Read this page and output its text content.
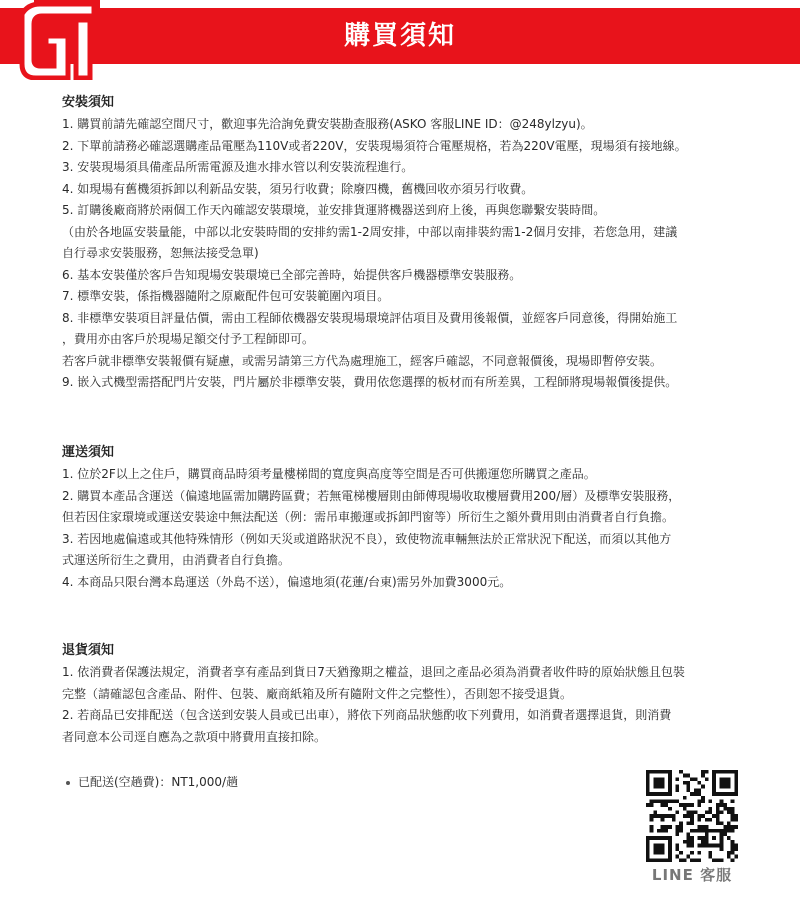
購買須知
安裝須知
1. 購買前請先確認空間尺寸，歡迎事先洽詢免費安裝勘查服務(ASKO 客服LINE ID：@248ylzyu)。
2. 下單前請務必確認選購產品電壓為110V或者220V，安裝現場須符合電壓規格，若為220V電壓，現場須有接地線。
3. 安裝現場須具備產品所需電源及進水排水管以利安裝流程進行。
4. 如現場有舊機須拆卸以利新品安裝，須另行收費；除廢四機，舊機回收亦須另行收費。
5. 訂購後廠商將於兩個工作天內確認安裝環境，並安排貨運將機器送到府上後，再與您聯繫安裝時間。
（由於各地區安裝量能，中部以北安裝時間的安排約需1-2周安排，中部以南排裝約需1-2個月安排，若您急用，建議
自行尋求安裝服務，恕無法接受急單)
6. 基本安裝僅於客戶告知現場安裝環境已全部完善時，始提供客戶機器標準安裝服務。
7. 標準安裝，係指機器隨附之原廠配件包可安裝範圍內項目。
8. 非標準安裝項目評量估價，需由工程師依機器安裝現場環境評估項目及費用後報價，並經客戶同意後，得開始施工
，費用亦由客戶於現場足額交付予工程師即可。
若客戶就非標準安裝報價有疑慮，或需另請第三方代為處理施工，經客戶確認，不同意報價後，現場即暫停安裝。
9. 嵌入式機型需搭配門片安裝，門片屬於非標準安裝，費用依您選擇的板材而有所差異，工程師將現場報價後提供。
運送須知
1. 位於2F以上之住戶，購買商品時須考量樓梯間的寬度與高度等空間是否可供搬運您所購買之產品。
2. 購買本產品含運送（偏遠地區需加購跨區費；若無電梯樓層則由師傅現場收取樓層費用200/層）及標準安裝服務，
但若因住家環境或運送安裝途中無法配送（例：需吊車搬運或拆卸門窗等）所衍生之額外費用則由消費者自行負擔。
3. 若因地處偏遠或其他特殊情形（例如天災或道路狀況不良），致使物流車輛無法於正常狀況下配送，而須以其他方
式運送所衍生之費用，由消費者自行負擔。
4. 本商品只限台灣本島運送（外島不送），偏遠地須(花蓮/台東)需另外加費3000元。
退貨須知
1. 依消費者保護法規定，消費者享有產品到貨日7天猶豫期之權益，退回之產品必須為消費者收件時的原始狀態且包裝
完整（請確認包含產品、附件、包裝、廠商紙箱及所有隨附文件之完整性），否則恕不接受退貨。
2. 若商品已安排配送（包含送到安裝人員或已出車），將依下列商品狀態酌收下列費用，如消費者選擇退貨，則消費
者同意本公司逕自應為之款項中將費用直接扣除。
已配送(空趟費)：NT1,000/趟
LINE 客服
